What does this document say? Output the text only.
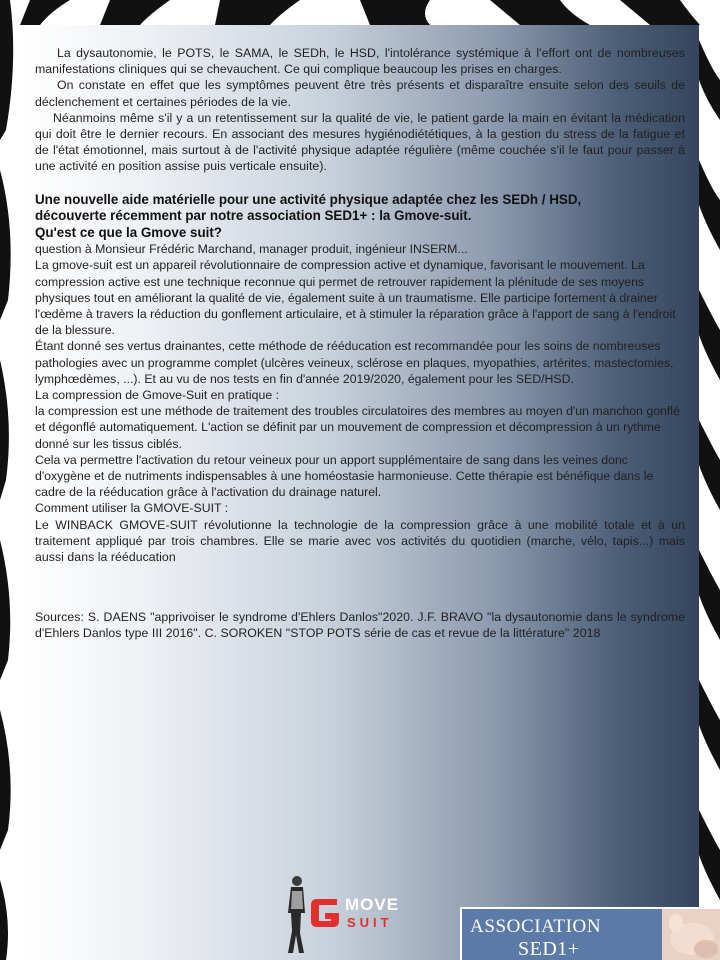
La dysautonomie, le POTS, le SAMA, le SEDh, le HSD, l'intolérance systémique à l'effort ont de nombreuses manifestations cliniques qui se chevauchent. Ce qui complique beaucoup les prises en charges.

On constate en effet que les symptômes peuvent être très présents et disparaître ensuite selon des seuils de déclenchement et certaines périodes de la vie.

Néanmoins même s'il y a un retentissement sur la qualité de vie, le patient garde la main en évitant la médication qui doit être le dernier recours. En associant des mesures hygiénodiététiques, à la gestion du stress de la fatigue et de l'état émotionnel, mais surtout à de l'activité physique adaptée régulière (même couchée s'il le faut pour passer à une activité en position assise puis verticale ensuite).

Une nouvelle aide matérielle pour une activité physique adaptée chez les SEDh / HSD,

découverte récemment par notre association SED1+ : la Gmove-suit.

Qu'est ce que la Gmove suit?

question à Monsieur Frédéric Marchand, manager produit, ingénieur INSERM...

La gmove-suit est un appareil révolutionnaire de compression active et dynamique, favorisant le mouvement. La compression active est une technique reconnue qui permet de retrouver rapidement la plénitude de ses moyens physiques tout en améliorant la qualité de vie, également suite à un traumatisme. Elle participe fortement à drainer l'œdème à travers la réduction du gonflement articulaire, et à stimuler la réparation grâce à l'apport de sang à l'endroit de la blessure.

Étant donné ses vertus drainantes, cette méthode de rééducation est recommandée pour les soins de nombreuses pathologies avec un programme complet (ulcères veineux, sclérose en plaques, myopathies, artérites, mastectomies, lymphœdèmes, ...). Et au vu de nos tests en fin d'année 2019/2020, également pour les SED/HSD.

La compression de Gmove-Suit en pratique :

la compression est une méthode de traitement des troubles circulatoires des membres au moyen d'un manchon gonflé et dégonflé automatiquement. L'action se définit par un mouvement de compression et décompression à un rythme donné sur les tissus ciblés.

Cela va permettre l'activation du retour veineux pour un apport supplémentaire de sang dans les veines donc d'oxygène et de nutriments indispensables à une homéostasie harmonieuse. Cette thérapie est bénéfique dans le cadre de la rééducation grâce à l'activation du drainage naturel.

Comment utiliser la GMOVE-SUIT :

Le WINBACK GMOVE-SUIT révolutionne la technologie de la compression grâce à une mobilité totale et à un traitement appliqué par trois chambres. Elle se marie avec vos activités du quotidien (marche, vélo, tapis...) mais aussi dans la rééducation

Sources: S. DAENS "apprivoiser le syndrome d'Ehlers Danlos"2020. J.F. BRAVO "la dysautonomie dans le syndrome d'Ehlers Danlos type III 2016". C. SOROKEN "STOP POTS série de cas et revue de la littérature" 2018

MOVE
SUIT	ASSOCIATION
SED1+
